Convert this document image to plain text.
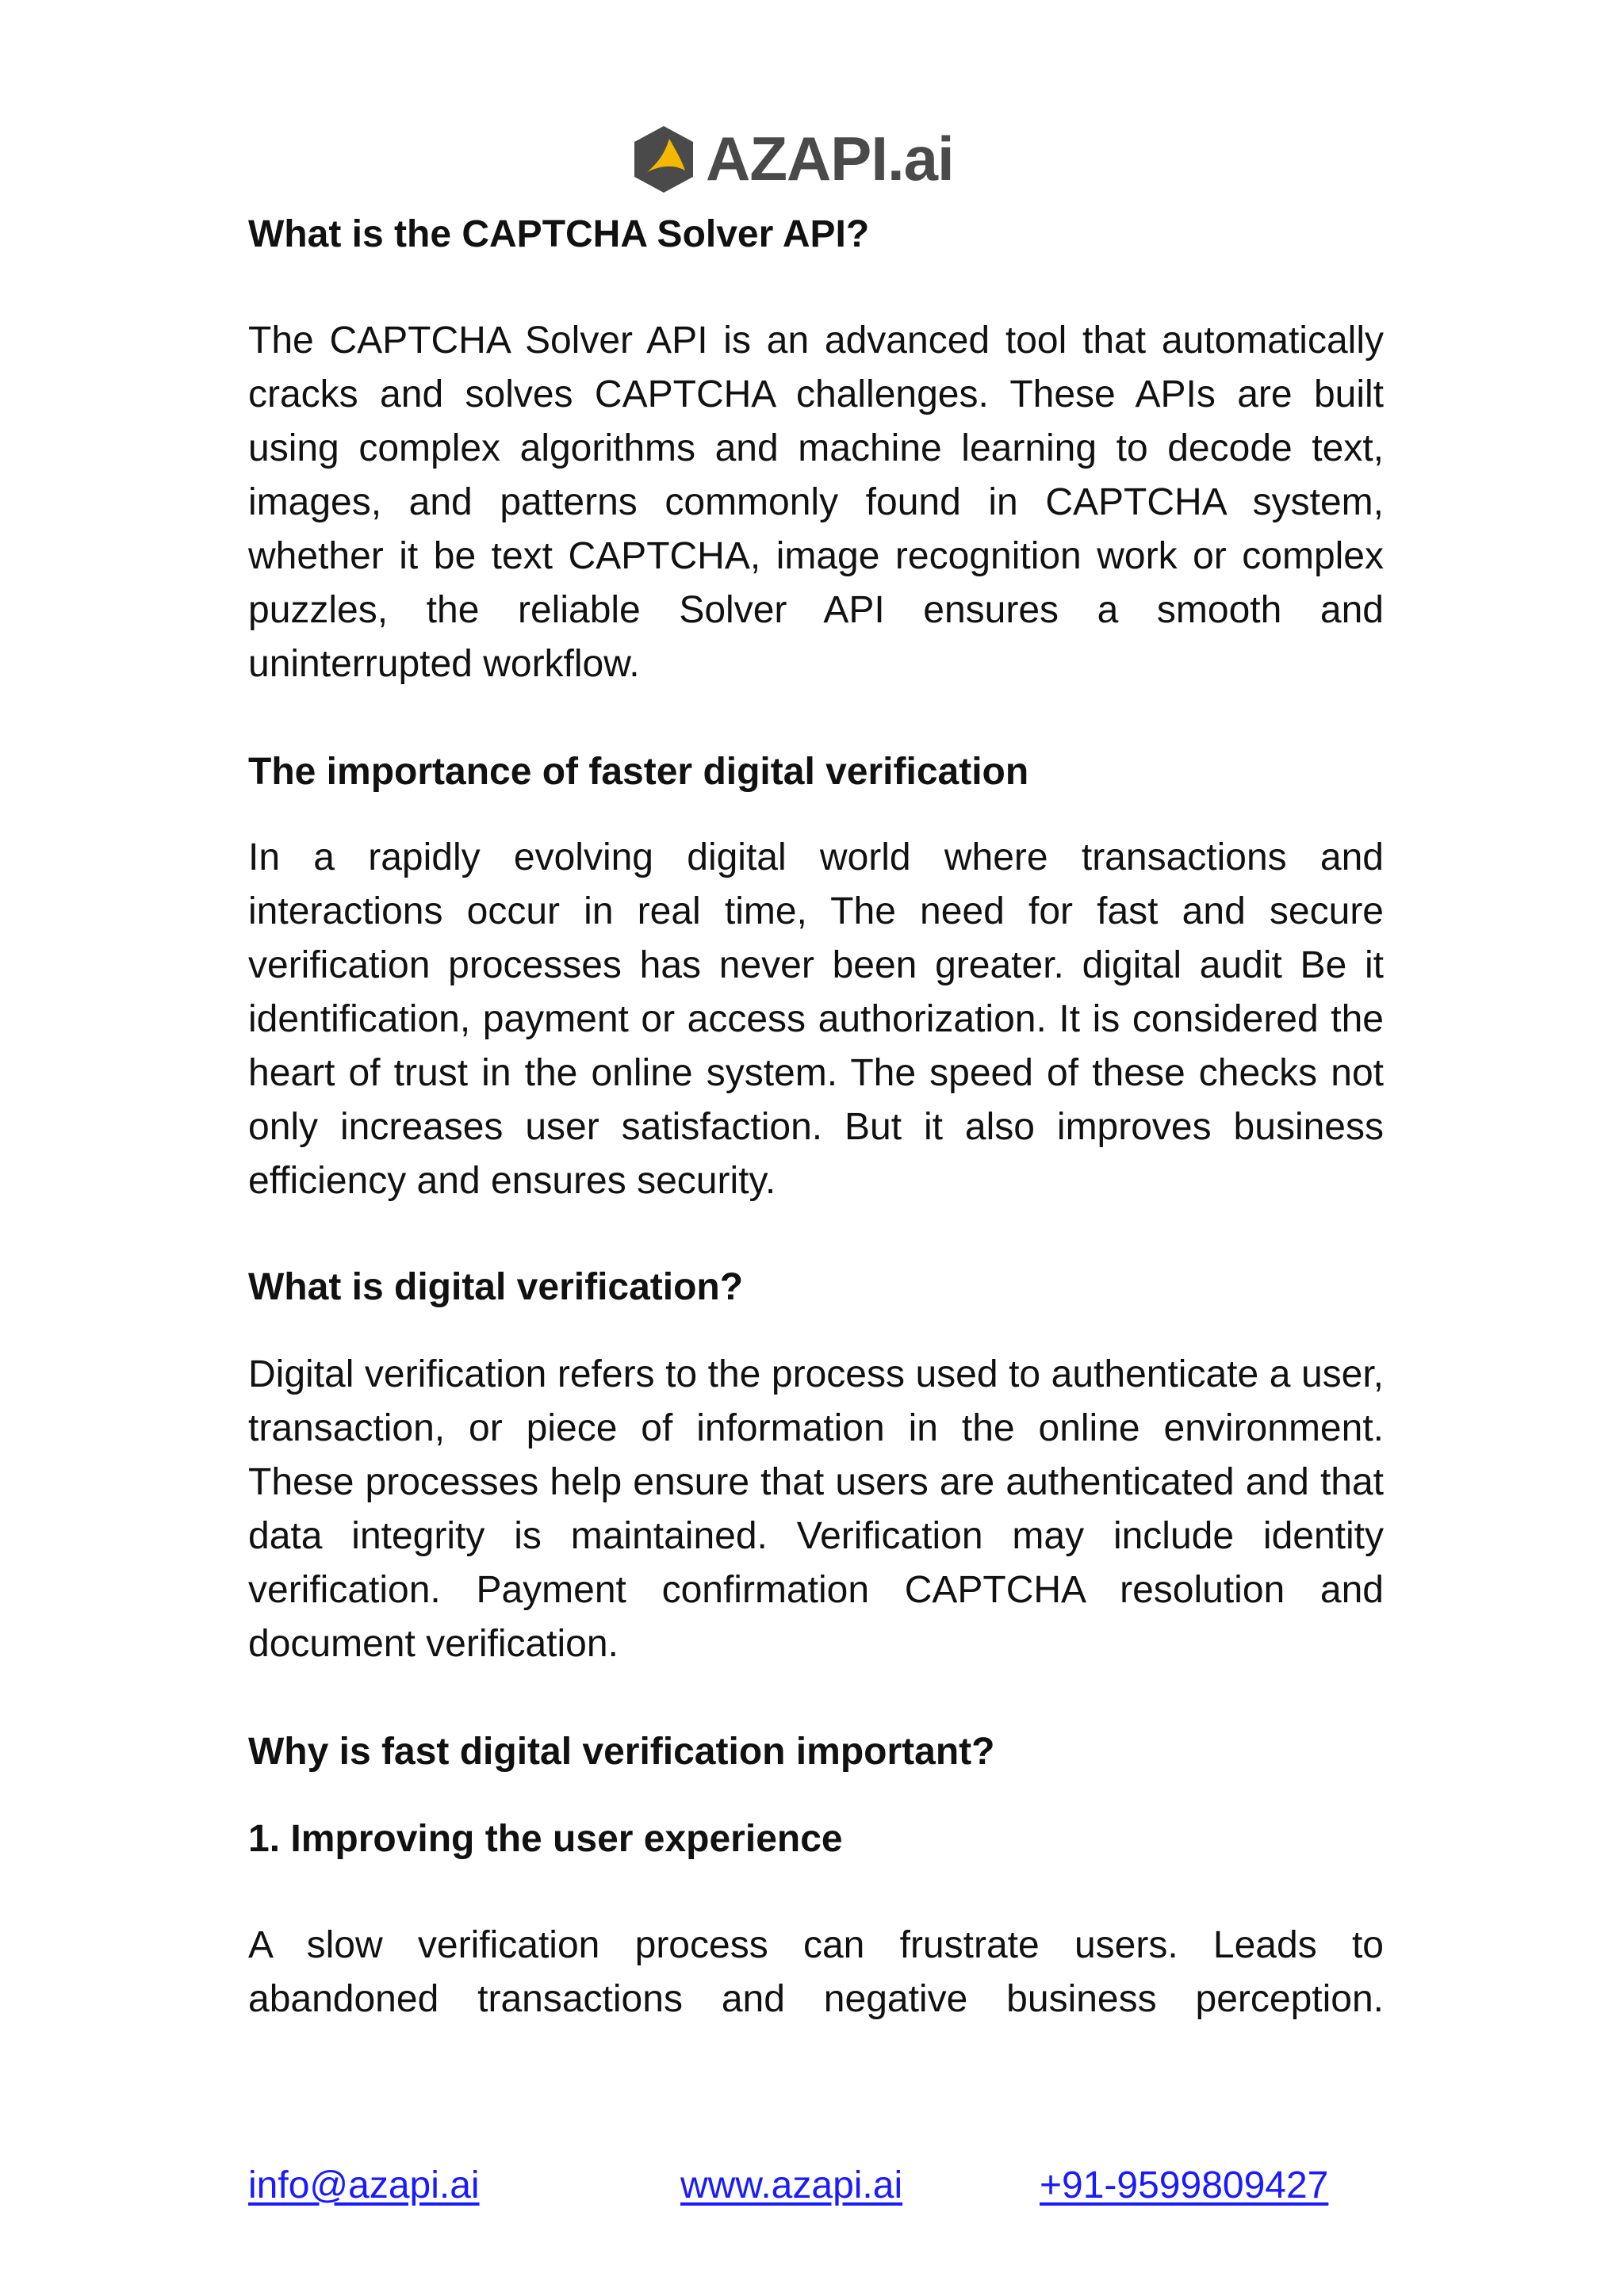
AZAPI.ai
What is the CAPTCHA Solver API?

The CAPTCHA Solver API is an advanced tool that automatically cracks and solves CAPTCHA challenges. These APIs are built using complex algorithms and machine learning to decode text, images, and patterns commonly found in CAPTCHA system, whether it be text CAPTCHA, image recognition work or complex puzzles, the reliable Solver API ensures a smooth and uninterrupted workflow.

The importance of faster digital verification

In a rapidly evolving digital world where transactions and interactions occur in real time, The need for fast and secure verification processes has never been greater. digital audit Be it identification, payment or access authorization. It is considered the heart of trust in the online system. The speed of these checks not only increases user satisfaction. But it also improves business efficiency and ensures security.

What is digital verification?

Digital verification refers to the process used to authenticate a user, transaction, or piece of information in the online environment. These processes help ensure that users are authenticated and that data integrity is maintained. Verification may include identity verification. Payment confirmation CAPTCHA resolution and document verification.

Why is fast digital verification important?
1. Improving the user experience

A slow verification process can frustrate users. Leads to abandoned transactions and negative business perception.

info@azapi.ai	www.azapi.ai	+91-9599809427
